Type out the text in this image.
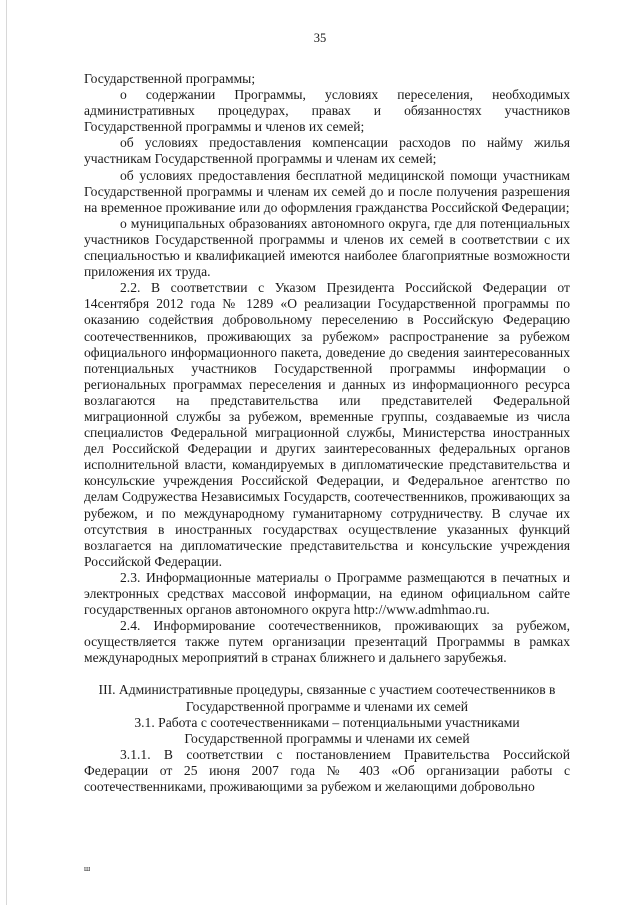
35

Государственной программы;

о содержании Программы, условиях переселения, необходимых административных процедурах, правах и обязанностях участников Государственной программы и членов их семей;

об условиях предоставления компенсации расходов по найму жилья участникам Государственной программы и членам их семей;

об условиях предоставления бесплатной медицинской помощи участникам Государственной программы и членам их семей до и после получения разрешения на временное проживание или до оформления гражданства Российской Федерации;

о муниципальных образованиях автономного округа, где для потенциальных участников Государственной программы и членов их семей в соответствии с их специальностью и квалификацией имеются наиболее благоприятные возможности приложения их труда.

2.2. В соответствии с Указом Президента Российской Федерации от 14сентября 2012 года № 1289 «О реализации Государственной программы по оказанию содействия добровольному переселению в Российскую Федерацию соотечественников, проживающих за рубежом» распространение за рубежом официального информационного пакета, доведение до сведения заинтересованных потенциальных участников Государственной программы информации о региональных программах переселения и данных из информационного ресурса возлагаются на представительства или представителей Федеральной миграционной службы за рубежом, временные группы, создаваемые из числа специалистов Федеральной миграционной службы, Министерства иностранных дел Российской Федерации и других заинтересованных федеральных органов исполнительной власти, командируемых в дипломатические представительства и консульские учреждения Российской Федерации, и Федеральное агентство по делам Содружества Независимых Государств, соотечественников, проживающих за рубежом, и по международному гуманитарному сотрудничеству. В случае их отсутствия в иностранных государствах осуществление указанных функций возлагается на дипломатические представительства и консульские учреждения Российской Федерации.

2.3. Информационные материалы о Программе размещаются в печатных и электронных средствах массовой информации, на едином официальном сайте государственных органов автономного округа http://www.admhmao.ru.

2.4. Информирование соотечественников, проживающих за рубежом, осуществляется также путем организации презентаций Программы в рамках международных мероприятий в странах ближнего и дальнего зарубежья.

III. Административные процедуры, связанные с участием соотечественников в

Государственной программе и членами их семей

3.1. Работа с соотечественниками – потенциальными участниками

Государственной программы и членами их семей

3.1.1. В соответствии с постановлением Правительства Российской Федерации от 25 июня 2007 года № 403 «Об организации работы с соотечественниками, проживающими за рубежом и желающими добровольно

ш
